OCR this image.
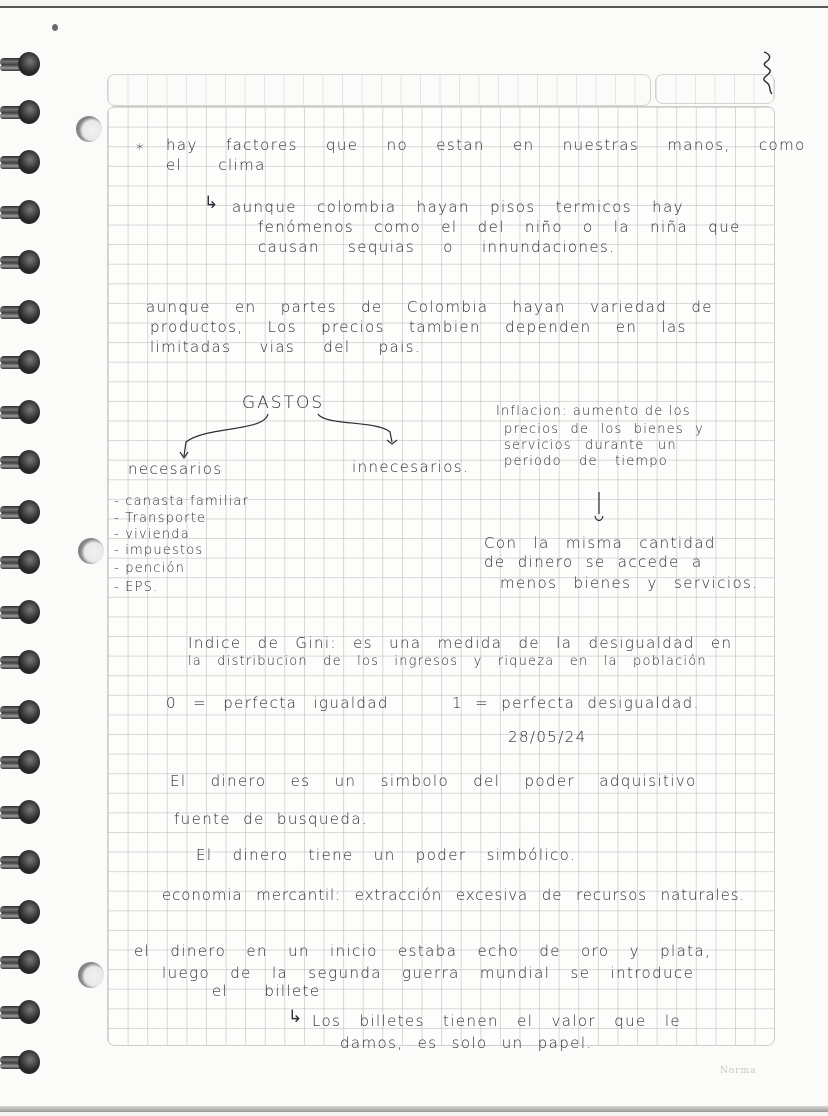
* hay factores que no estan en nuestras manos, como
el clima
↳ aunque colombia hayan pisos termicos hay
fenómenos como el del niño o la niña que
causan sequias o innundaciones.
aunque en partes de Colombia hayan variedad de
productos, Los precios tambien dependen en las
limitadas vias del pais.
GASTOS
necesarios	innecesarios.
- canasta familiar
- Transporte
- vivienda
- impuestos
- pención
- EPS.
Inflacion: aumento de los
precios de los bienes y
servicios durante un
periodo de tiempo
Con la misma cantidad
de dinero se accede a
menos bienes y servicios.
Indice de Gini: es una medida de la desigualdad en
la distribucion de los ingresos y riqueza en la población
0 = perfecta igualdad	1 = perfecta desigualdad.
28/05/24
El dinero es un simbolo del poder adquisitivo
fuente de busqueda.
El dinero tiene un poder simbólico.
economia mercantil: extracción excesiva de recursos naturales.
el dinero en un inicio estaba echo de oro y plata,
luego de la segunda guerra mundial se introduce
el billete
↳ Los billetes tienen el valor que le
damos, es solo un papel.
Norma
